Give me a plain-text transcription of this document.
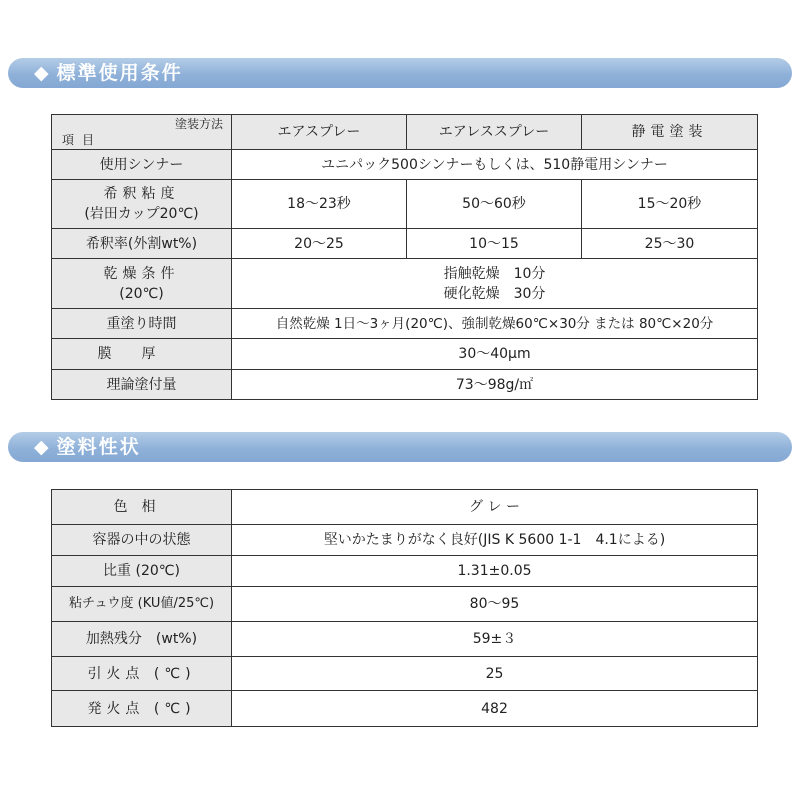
◆ 標準使用条件
塗装方法
項目	エアスプレー	エアレススプレー	静電塗装
使用シンナー	ユニパック500シンナーもしくは、510静電用シンナー		

希釈粘度
(岩田カップ20℃)	18〜23秒	50〜60秒	15〜20秒
希釈率(外割wt%)	20〜25	10〜15	25〜30

乾燥条件
(20℃)	指触乾燥　10分
硬化乾燥　30分		

重塗り時間	自然乾燥 1日〜3ヶ月(20℃)、強制乾燥60℃×30分 または 80℃×20分		
膜厚	30〜40μm		
理論塗付量	73〜98g/㎡		
◆ 塗料性状
色相	グ レ ー
容器の中の状態	堅いかたまりがなく良好(JIS K 5600 1-1　4.1による)
比重 (20℃)	1.31±0.05
粘チュウ度 (KU値/25℃)	80〜95
加熱残分　(wt%)	59±３
引火点 (℃)	25
発火点 (℃)	482
